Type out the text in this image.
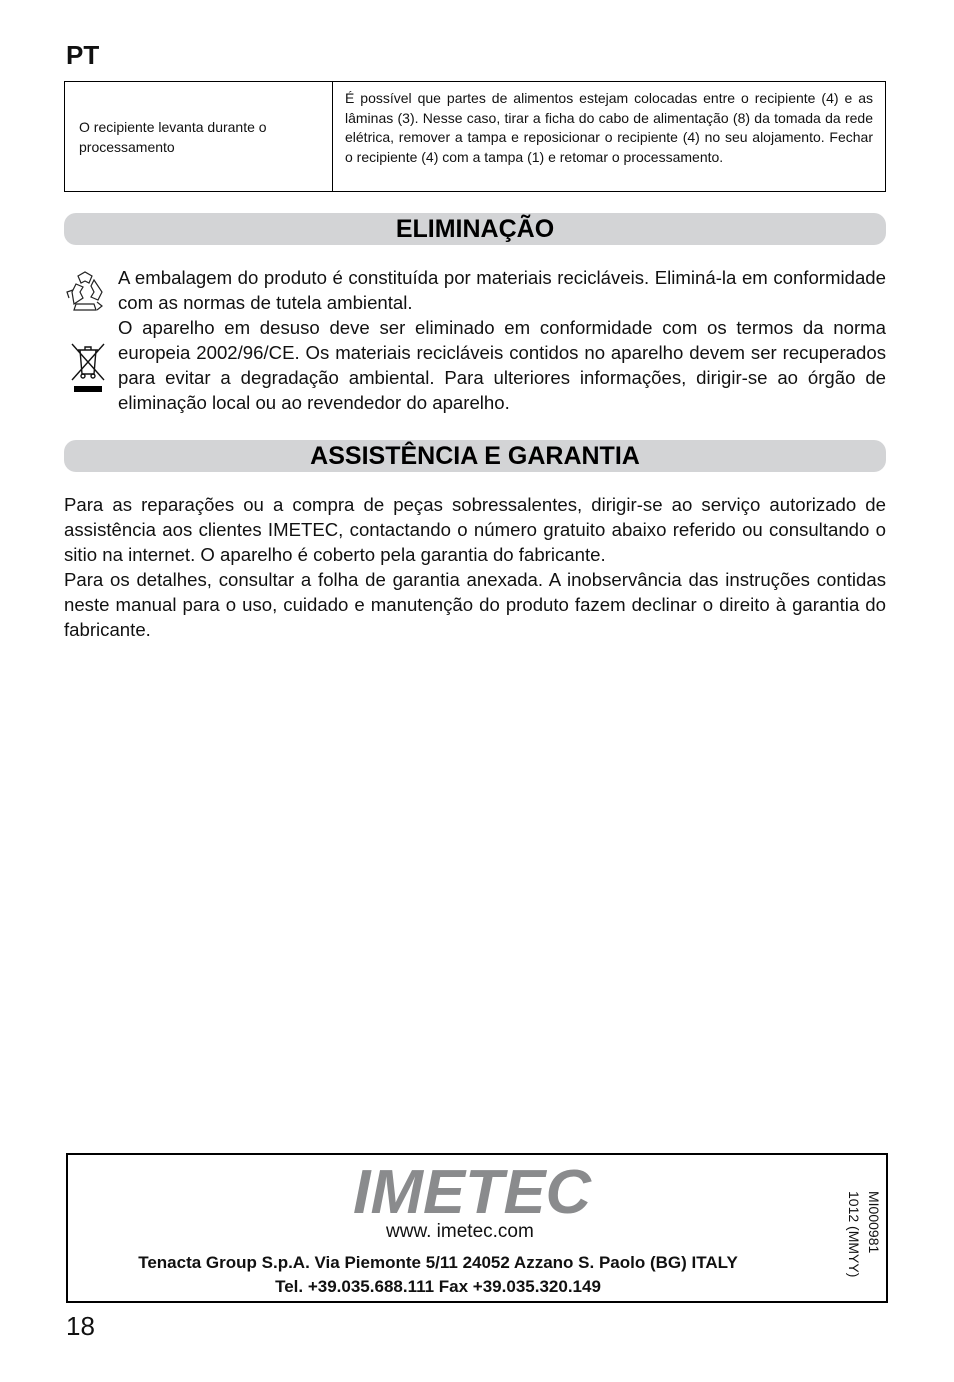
PT
O recipiente levanta durante o processamento
É possível que partes de alimentos estejam colocadas entre o recipiente (4) e as lâminas (3). Nesse caso, tirar a ficha do cabo de alimentação (8) da tomada da rede elétrica, remover a tampa e reposicionar o recipiente (4) no seu alojamento. Fechar o recipiente (4) com a tampa (1) e retomar o processamento.
ELIMINAÇÃO
A embalagem do produto é constituída por materiais recicláveis. Eliminá-la em conformidade com as normas de tutela ambiental.
O aparelho em desuso deve ser eliminado em conformidade com os termos da norma europeia 2002/96/CE. Os materiais recicláveis contidos no aparelho devem ser recuperados para evitar a degradação ambiental. Para ulteriores informações, dirigir-se ao órgão de eliminação local ou ao revendedor do aparelho.
ASSISTÊNCIA E GARANTIA
Para as reparações ou a compra de peças sobressalentes, dirigir-se ao serviço autorizado de assistência aos clientes IMETEC, contactando o número gratuito abaixo referido ou consultando o sitio na internet. O aparelho é coberto pela garantia do fabricante.
Para os detalhes, consultar a folha de garantia anexada. A inobservância das instruções contidas neste manual para o uso, cuidado e manutenção do produto fazem declinar o direito à garantia do fabricante.
IMETEC
www. imetec.com
Tenacta Group S.p.A. Via Piemonte 5/11 24052 Azzano S. Paolo (BG) ITALY
Tel. +39.035.688.111 Fax +39.035.320.149
MI000981
1012 (MMYY)
18
